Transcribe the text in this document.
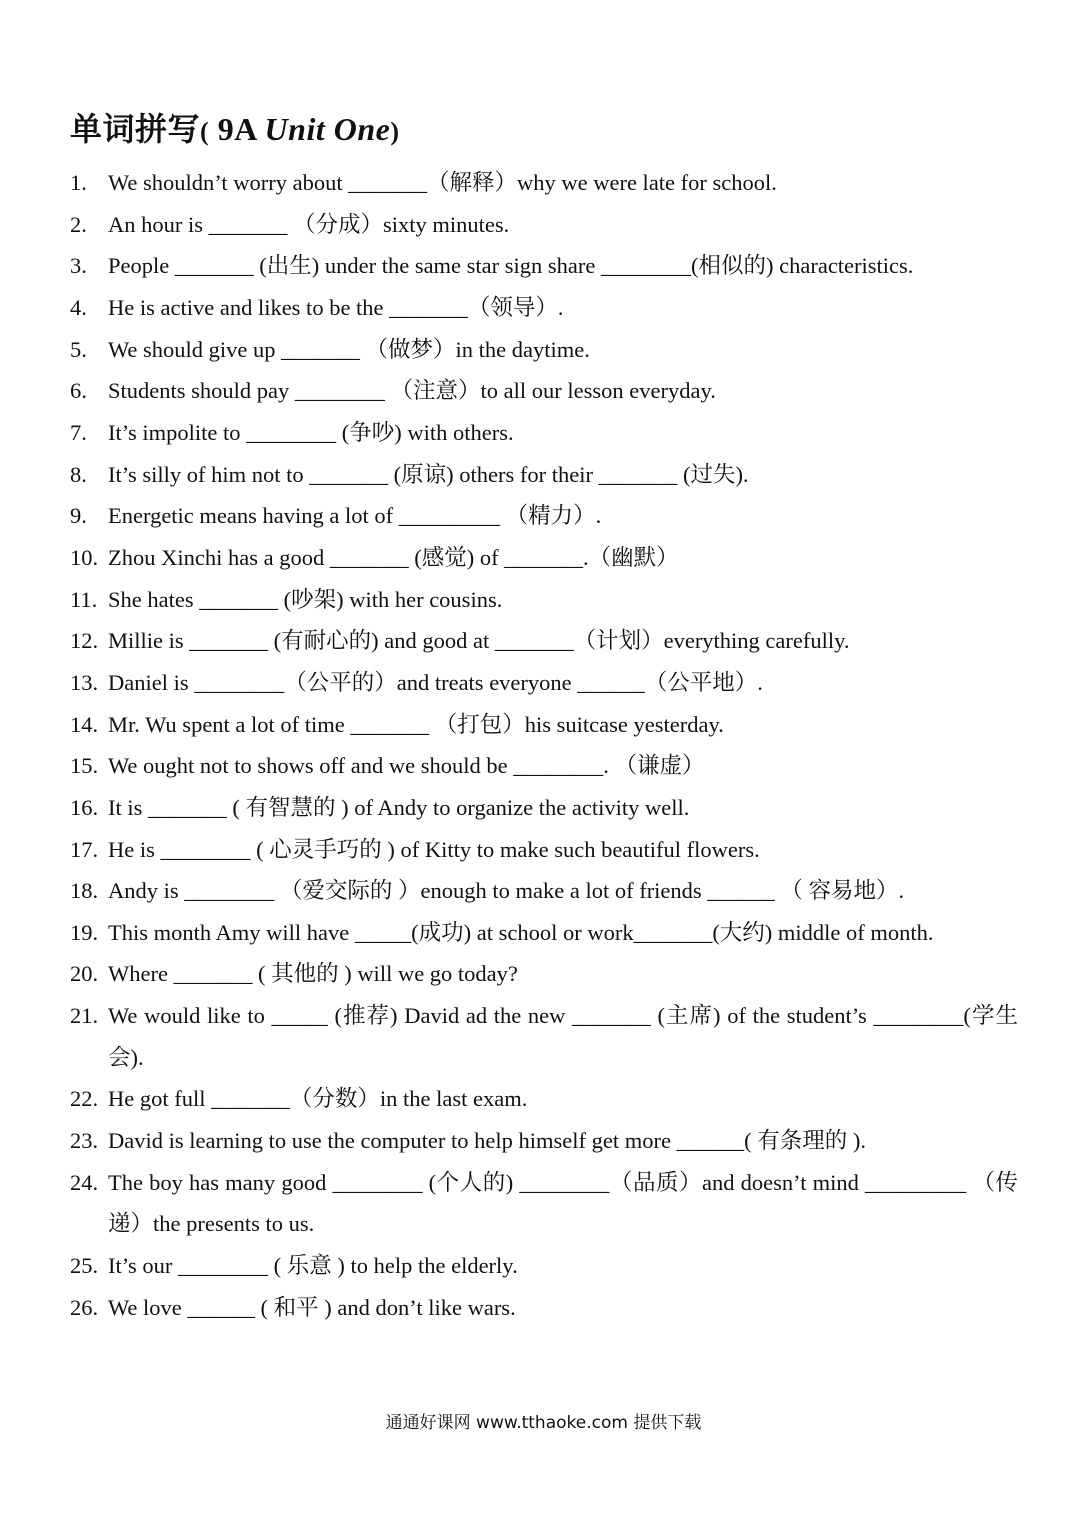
单词拼写( 9A Unit One)
1. We shouldn’t worry about _______（解释）why we were late for school.
2. An hour is _______ （分成）sixty minutes.
3. People _______ (出生) under the same star sign share ________(相似的) characteristics.
4. He is active and likes to be the _______（领导）.
5. We should give up _______ （做梦）in the daytime.
6. Students should pay ________ （注意）to all our lesson everyday.
7. It’s impolite to ________ (争吵) with others.
8. It’s silly of him not to _______ (原谅) others for their _______ (过失).
9. Energetic means having a lot of _________ （精力）.
10. Zhou Xinchi has a good _______ (感觉) of _______.（幽默）
11. She hates _______ (吵架) with her cousins.
12. Millie is _______ (有耐心的) and good at _______（计划）everything carefully.
13. Daniel is ________（公平的）and treats everyone ______（公平地）.
14. Mr. Wu spent a lot of time _______ （打包）his suitcase yesterday.
15. We ought not to shows off and we should be ________. （谦虚）
16. It is _______ ( 有智慧的 ) of Andy to organize the activity well.
17. He is ________ ( 心灵手巧的 ) of Kitty to make such beautiful flowers.
18. Andy is ________ （爱交际的 ）enough to make a lot of friends ______ （ 容易地）.
19. This month Amy will have _____(成功) at school or work_______(大约) middle of month.
20. Where _______ ( 其他的 ) will we go today?
21. We would like to _____ (推荐) David ad the new _______ (主席) of the student’s ________(学生会).
22. He got full _______（分数）in the last exam.
23. David is learning to use the computer to help himself get more ______( 有条理的 ).
24. The boy has many good ________ (个人的) ________（品质）and doesn’t mind _________ （传递）the presents to us.
25. It’s our ________ ( 乐意 ) to help the elderly.
26. We love ______ ( 和平 ) and don’t like wars.
通通好课网 www.tthaoke.com 提供下载
